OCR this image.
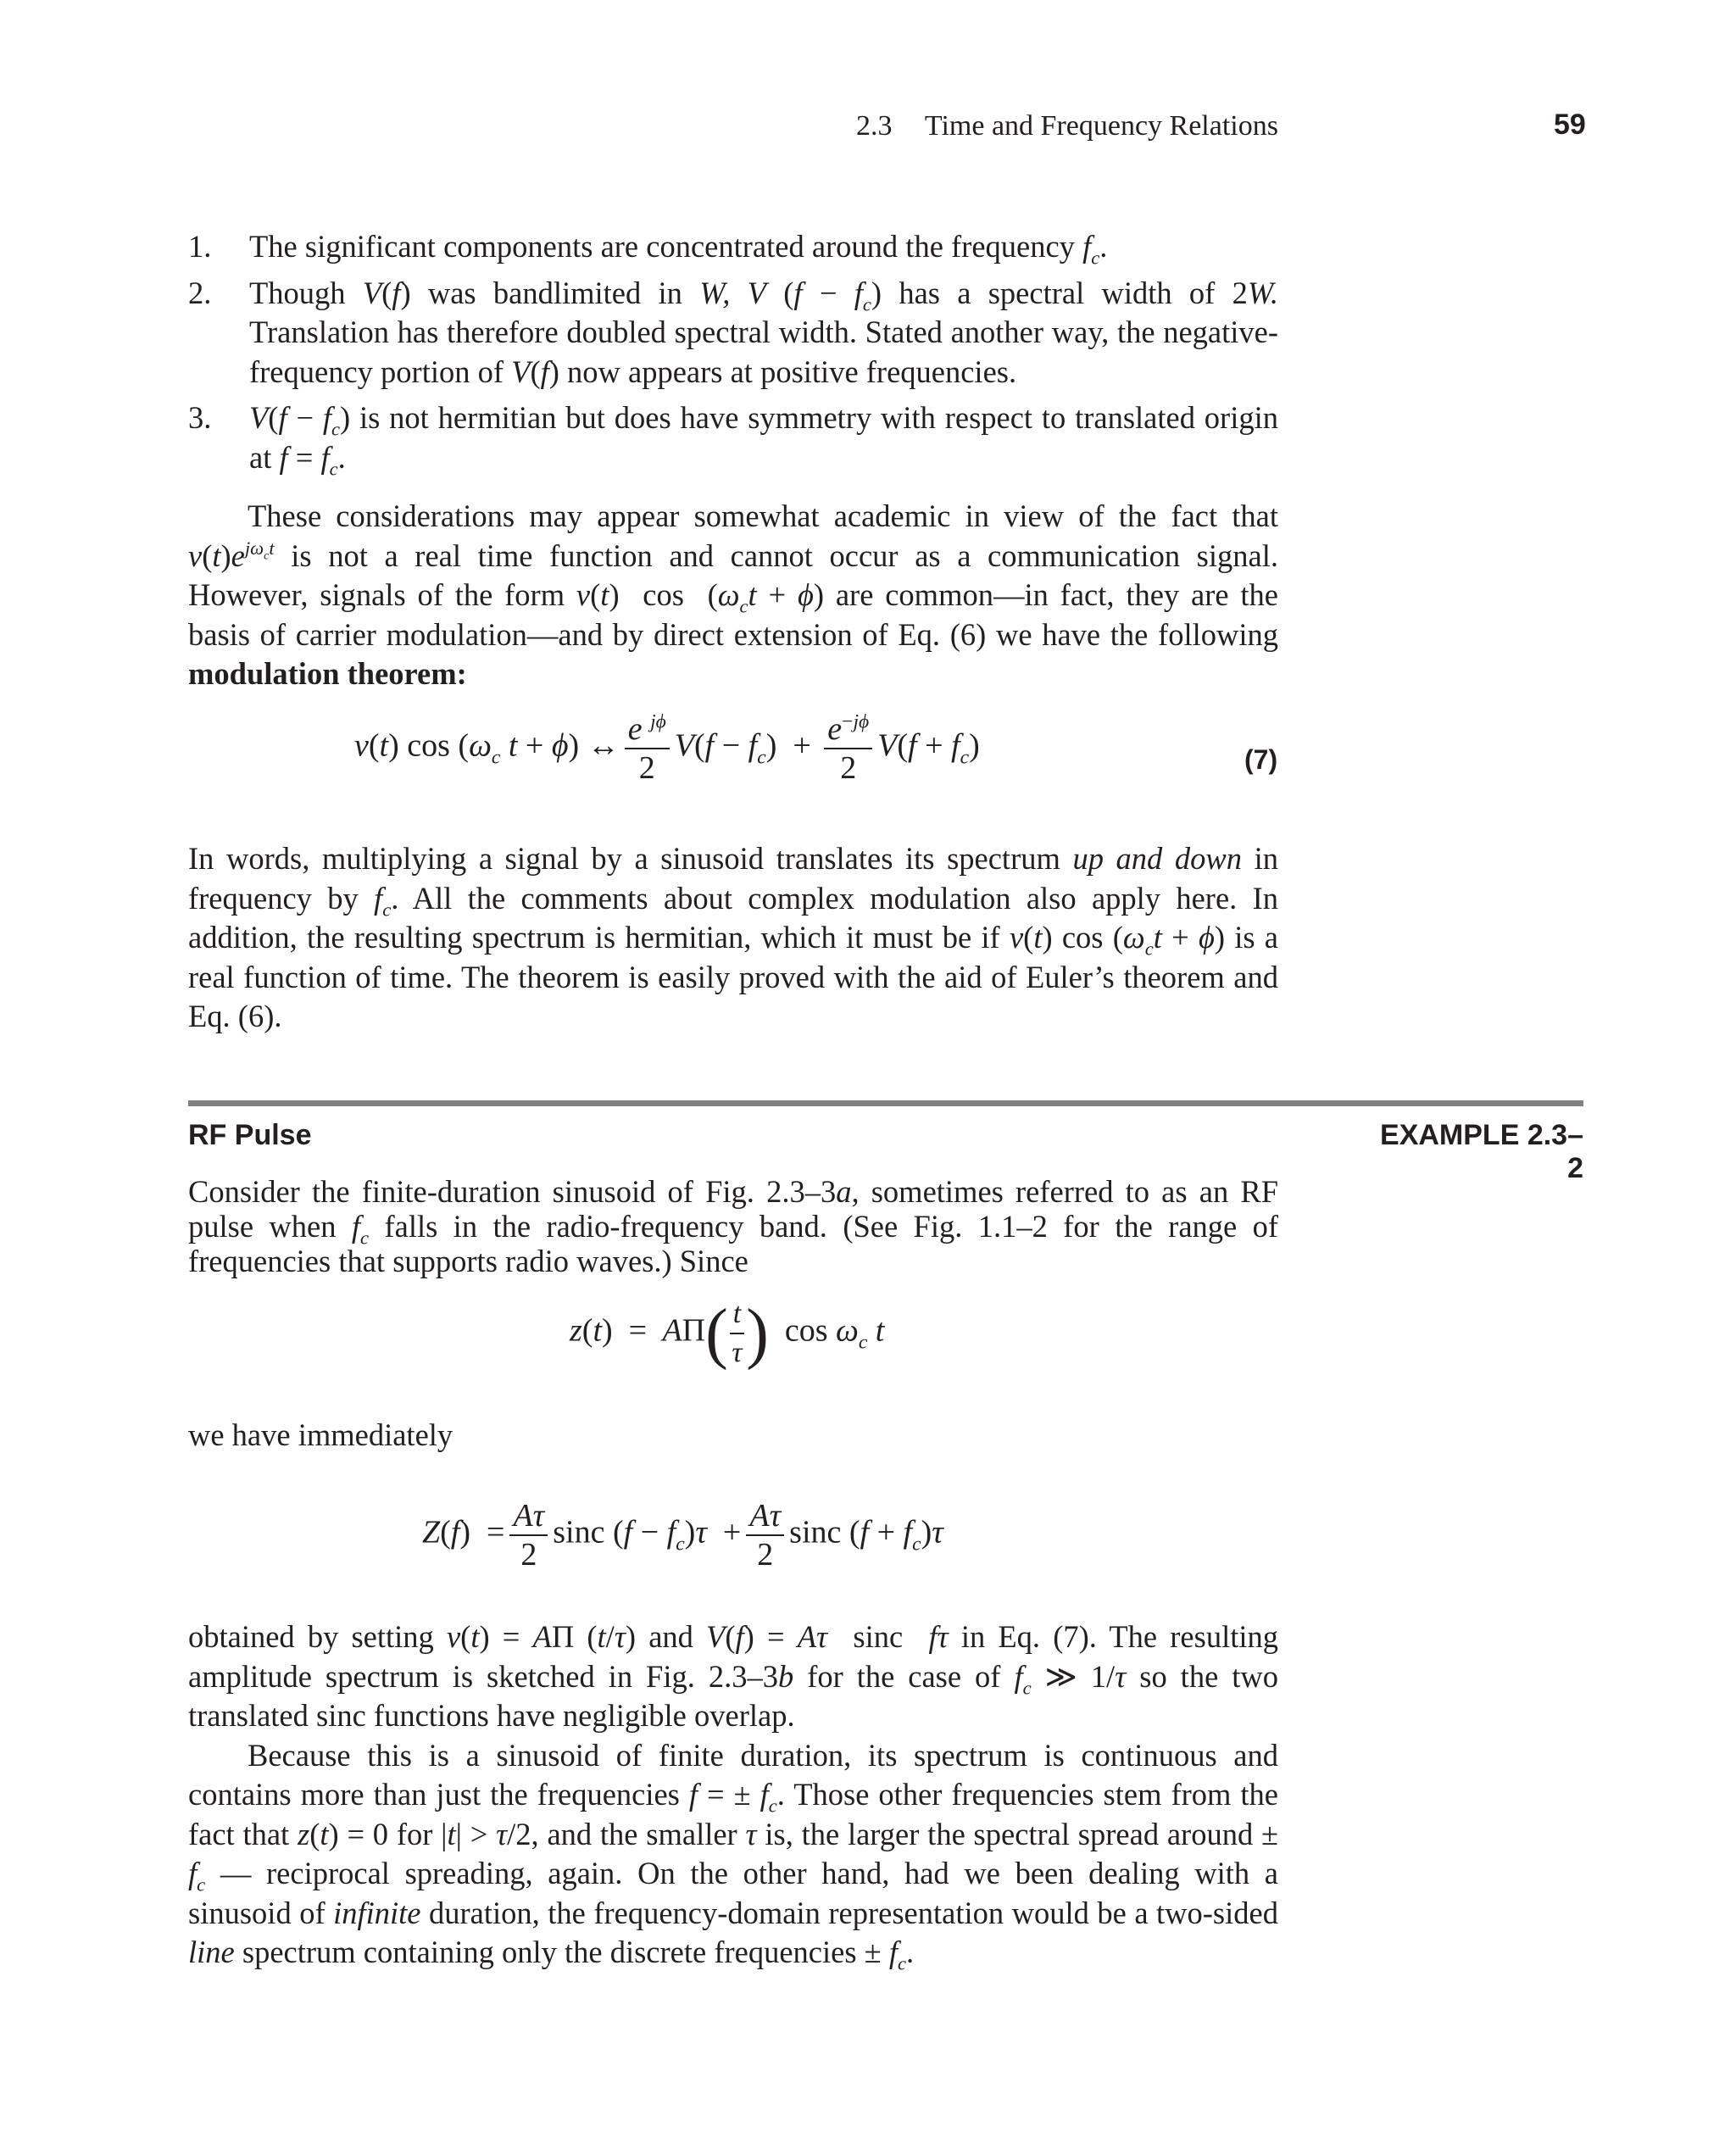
2.3 Time and Frequency Relations	59
1. The significant components are concentrated around the frequency $f_c$.
2. Though V(f) was bandlimited in W, V $(f - f_c)$ has a spectral width of 2W. Translation has therefore doubled spectral width. Stated another way, the negative-frequency portion of V(f) now appears at positive frequencies.
3. $V(f - f_c)$ is not hermitian but does have symmetry with respect to translated origin at $f = f_c$.

These considerations may appear somewhat academic in view of the fact that $v(t)e^{j\omega_ct}$ is not a real time function and cannot occur as a communication signal. However, signals of the form v(t)  $\cos (\omega_ct + \phi)$ are common—in fact, they are the basis of carrier modulation—and by direct extension of Eq. (6) we have the following modulation theorem:

v(t) $\cos (\omega_c$ t + ϕ) ↔ $\frac{e ^{j\phi}}{2} V(f - f_c) + \frac{e^{-j\phi}}{2} V(f + f_c)$	(7)

In words, multiplying a signal by a sinusoid translates its spectrum up and down in frequency by $f_c$. All the comments about complex modulation also apply here. In addition, the resulting spectrum is hermitian, which it must be if v(t) $\cos (\omega_ct + \phi)$ is a real function of time. The theorem is easily proved with the aid of Euler’s theorem and Eq. (6).

RF Pulse	EXAMPLE 2.3–2

Consider the finite-duration sinusoid of Fig. 2.3–3a, sometimes referred to as an RF pulse when $f_c$ falls in the radio-frequency band. (See Fig. 1.1–2 for the range of frequencies that supports radio waves.) Since

$z(t) = A\Pi( \frac{t}{\tau}$ )  $\cos \omega_c$ t

we have immediately

$Z(f) = \frac{A\tau}{2}$ sinc $(f - f_c)\tau + \frac{A\tau}{2}$ sinc $(f + f_c)\tau$

obtained by setting v(t) = AΠ (t/τ) and V(f) = Aτ  sinc  fτ in Eq. (7). The resulting amplitude spectrum is sketched in Fig. 2.3–3b for the case of $f_c$ ≫ 1/τ so the two translated sinc functions have negligible overlap.

Because this is a sinusoid of finite duration, its spectrum is continuous and contains more than just the frequencies f = ± $f_c$. Those other frequencies stem from the fact that z(t) = 0 for |t| > τ/2, and the smaller τ is, the larger the spectral spread around ± $f_c$ — reciprocal spreading, again. On the other hand, had we been dealing with a sinusoid of infinite duration, the frequency-domain representation would be a two-sided line spectrum containing only the discrete frequencies ± $f_c$.
